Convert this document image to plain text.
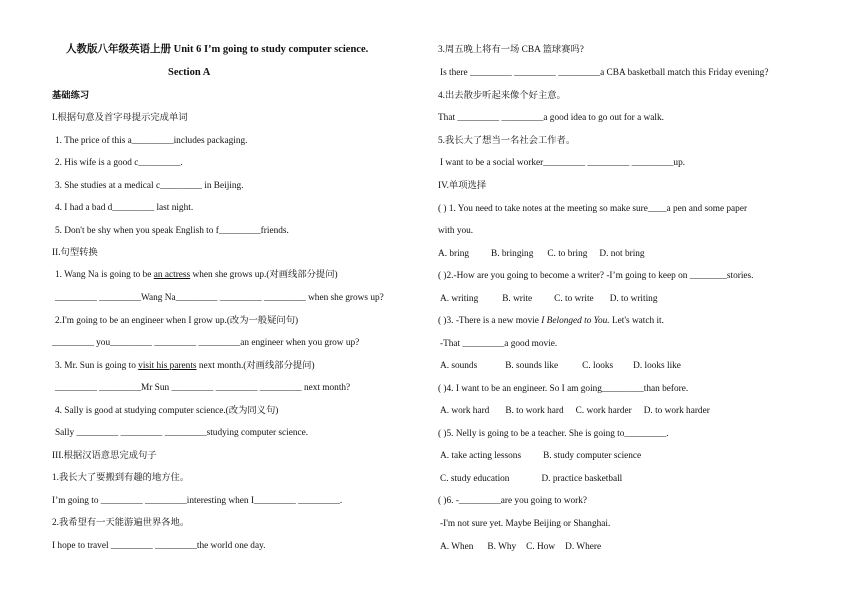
人教版八年级英语上册 Unit 6 I’m going to study computer science.
Section A
基础练习
I.根据句意及首字母提示完成单词
1. The price of this a_________includes packaging.
2. His wife is a good c_________.
3. She studies at a medical c_________ in Beijing.
4. I had a bad d_________ last night.
5. Don't be shy when you speak English to f_________friends.
II.句型转换
1. Wang Na is going to be an actress when she grows up.(对画线部分提问)
_________ _________Wang Na_________ _________ _________ when she grows up?
2.I'm going to be an engineer when I grow up.(改为一般疑问句)
_________ you_________ _________ _________an engineer when you grow up?
3. Mr. Sun is going to visit his parents next month.(对画线部分提问)
_________ _________Mr Sun _________ _________ _________ next month?
4. Sally is good at studying computer science.(改为同义句)
Sally _________ _________ _________studying computer science.
III.根据汉语意思完成句子
1.我长大了要搬到有趣的地方住。
I’m going to _________ _________interesting when I_________ _________.
2.我希望有一天能游遍世界各地。
I hope to travel _________ _________the world one day.
3.周五晚上将有一场 CBA 篮球赛吗?
Is there _________ _________ _________a CBA basketball match this Friday evening?
4.出去散步听起来像个好主意。
That _________ _________a good idea to go out for a walk.
5.我长大了想当一名社会工作者。
I want to be a social worker_________ _________ _________up.
IV.单项选择
( ) 1. You need to take notes at the meeting so make sure____a pen and some paper
with you.
A. bring B. bringing C. to bring D. not bring
( )2.-How are you going to become a writer? -I’m going to keep on ________stories.
A. writing	B. write C. to write D. to writing
( )3. -There is a new movie I Belonged to You. Let's watch it.
-That _________a good movie.
A. sounds	B. sounds like	C. looks D. looks like
( )4. I want to be an engineer. So I am going_________than before.
A. work hard B. to work hard C. work harder D. to work harder
( )5. Nelly is going to be a teacher. She is going to_________.
A. take acting lessons B. study computer science
C. study education	D. practice basketball
( )6. -_________are you going to work?
-I'm not sure yet. Maybe Beijing or Shanghai.
A. When B. Why C. How D. Where
